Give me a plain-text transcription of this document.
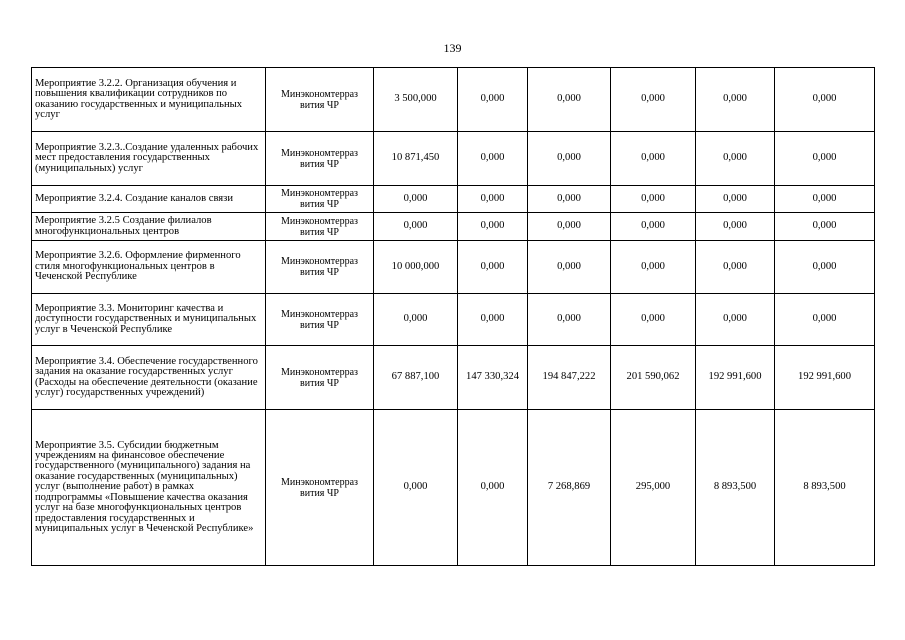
139
Мероприятие 3.2.2. Организация обучения и повышения квалификации сотрудников по оказанию государственных и муниципальных услуг	Минэкономтерраз вития ЧР	3 500,000	0,000	0,000	0,000	0,000	0,000
Мероприятие 3.2.3..Создание удаленных рабочих мест предоставления государственных (муниципальных) услуг	Минэкономтерраз вития ЧР	10 871,450	0,000	0,000	0,000	0,000	0,000
Мероприятие 3.2.4. Создание каналов связи	Минэкономтерраз вития ЧР	0,000	0,000	0,000	0,000	0,000	0,000
Мероприятие 3.2.5 Создание филиалов многофункциональных центров	Минэкономтерраз вития ЧР	0,000	0,000	0,000	0,000	0,000	0,000
Мероприятие 3.2.6. Оформление фирменного стиля многофункциональных центров в Чеченской Республике	Минэкономтерраз вития ЧР	10 000,000	0,000	0,000	0,000	0,000	0,000
Мероприятие 3.3. Мониторинг качества и доступности государственных и муниципальных услуг в Чеченской Республике	Минэкономтерраз вития ЧР	0,000	0,000	0,000	0,000	0,000	0,000
Мероприятие 3.4. Обеспечение государственного задания на оказание государственных услуг (Расходы на обеспечение деятельности (оказание услуг) государственных учреждений)	Минэкономтерраз вития ЧР	67 887,100	147 330,324	194 847,222	201 590,062	192 991,600	192 991,600
Мероприятие 3.5. Субсидии бюджетным учреждениям на финансовое обеспечение государственного (муниципального) задания на оказание государственных (муниципальных) услуг (выполнение работ) в рамках подпрограммы «Повышение качества оказания услуг на базе многофункциональных центров предоставления государственных и муниципальных услуг в Чеченской Республике»	Минэкономтерраз вития ЧР	0,000	0,000	7 268,869	295,000	8 893,500	8 893,500
